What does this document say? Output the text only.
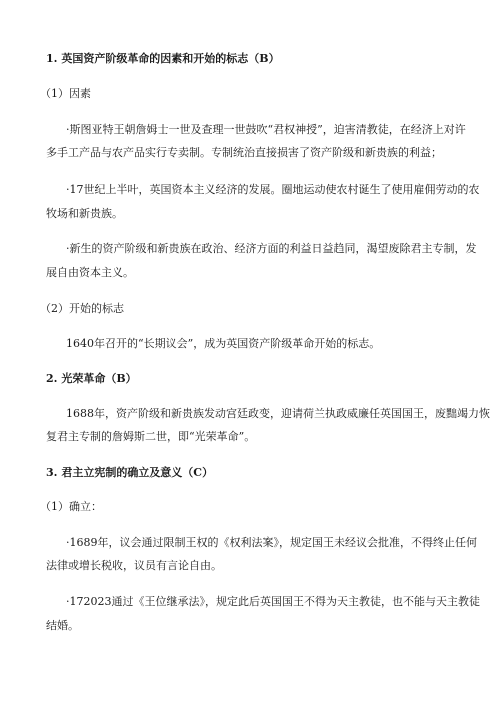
1. 英国资产阶级革命的因素和开始的标志（B）
（1）因素
·斯图亚特王朝詹姆士一世及查理一世鼓吹“君权神授”，迫害清教徒，在经济上对许
多手工产品与农产品实行专卖制。专制统治直接损害了资产阶级和新贵族的利益；
·17世纪上半叶，英国资本主义经济的发展。圈地运动使农村诞生了使用雇佣劳动的农
牧场和新贵族。
·新生的资产阶级和新贵族在政治、经济方面的利益日益趋同，渴望废除君主专制，发
展自由资本主义。
（2）开始的标志
1640年召开的“长期议会”，成为英国资产阶级革命开始的标志。
2. 光荣革命（B）
1688年，资产阶级和新贵族发动宫廷政变，迎请荷兰执政威廉任英国国王，废黜竭力恢
复君主专制的詹姆斯二世，即“光荣革命”。
3. 君主立宪制的确立及意义（C）
（1）确立：
·1689年，议会通过限制王权的《权利法案》，规定国王未经议会批准，不得终止任何
法律或增长税收，议员有言论自由。
·172023通过《王位继承法》，规定此后英国国王不得为天主教徒，也不能与天主教徒
结婚。
